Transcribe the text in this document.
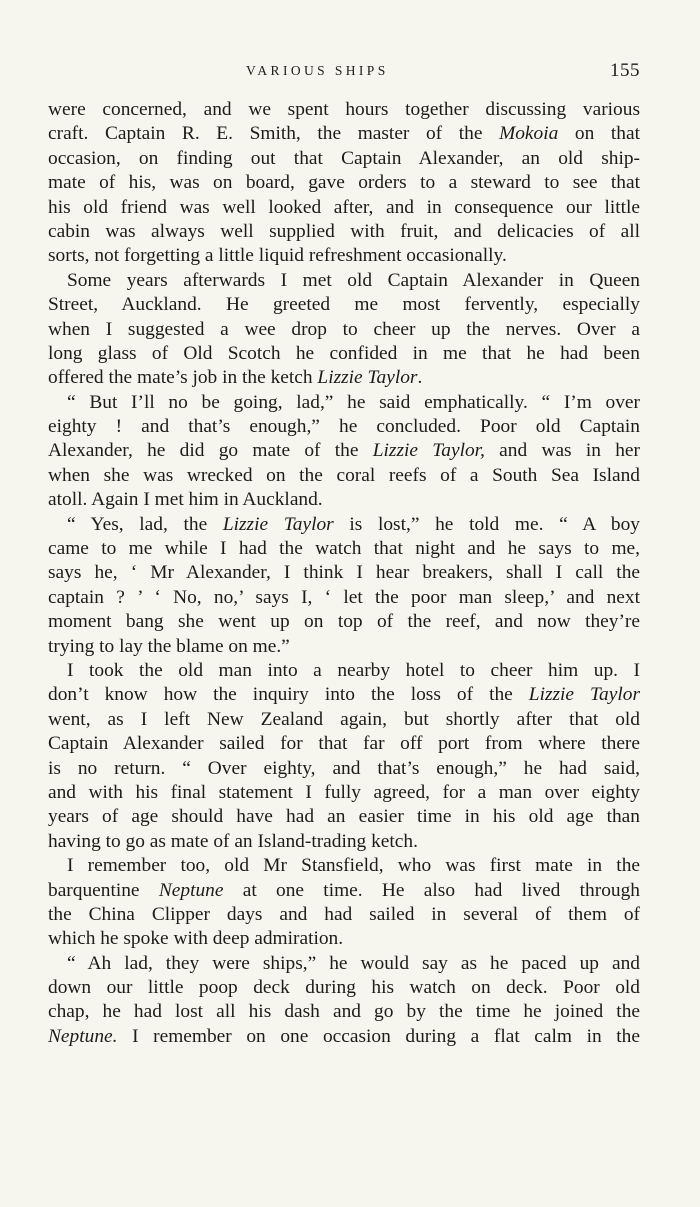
VARIOUS SHIPS	155
were concerned, and we spent hours together discussing various
craft. Captain R. E. Smith, the master of the Mokoia on that
occasion, on finding out that Captain Alexander, an old ship-
mate of his, was on board, gave orders to a steward to see that
his old friend was well looked after, and in consequence our little
cabin was always well supplied with fruit, and delicacies of all
sorts, not forgetting a little liquid refreshment occasionally.
Some years afterwards I met old Captain Alexander in Queen
Street, Auckland. He greeted me most fervently, especially
when I suggested a wee drop to cheer up the nerves. Over a
long glass of Old Scotch he confided in me that he had been
offered the mate’s job in the ketch Lizzie Taylor.
“ But I’ll no be going, lad,” he said emphatically. “ I’m over
eighty ! and that’s enough,” he concluded. Poor old Captain
Alexander, he did go mate of the Lizzie Taylor, and was in her
when she was wrecked on the coral reefs of a South Sea Island
atoll. Again I met him in Auckland.
“ Yes, lad, the Lizzie Taylor is lost,” he told me. “ A boy
came to me while I had the watch that night and he says to me,
says he, ‘ Mr Alexander, I think I hear breakers, shall I call the
captain ? ’ ‘ No, no,’ says I, ‘ let the poor man sleep,’ and next
moment bang she went up on top of the reef, and now they’re
trying to lay the blame on me.”
I took the old man into a nearby hotel to cheer him up. I
don’t know how the inquiry into the loss of the Lizzie Taylor
went, as I left New Zealand again, but shortly after that old
Captain Alexander sailed for that far off port from where there
is no return. “ Over eighty, and that’s enough,” he had said,
and with his final statement I fully agreed, for a man over eighty
years of age should have had an easier time in his old age than
having to go as mate of an Island-trading ketch.
I remember too, old Mr Stansfield, who was first mate in the
barquentine Neptune at one time. He also had lived through
the China Clipper days and had sailed in several of them of
which he spoke with deep admiration.
“ Ah lad, they were ships,” he would say as he paced up and
down our little poop deck during his watch on deck. Poor old
chap, he had lost all his dash and go by the time he joined the
Neptune. I remember on one occasion during a flat calm in the
